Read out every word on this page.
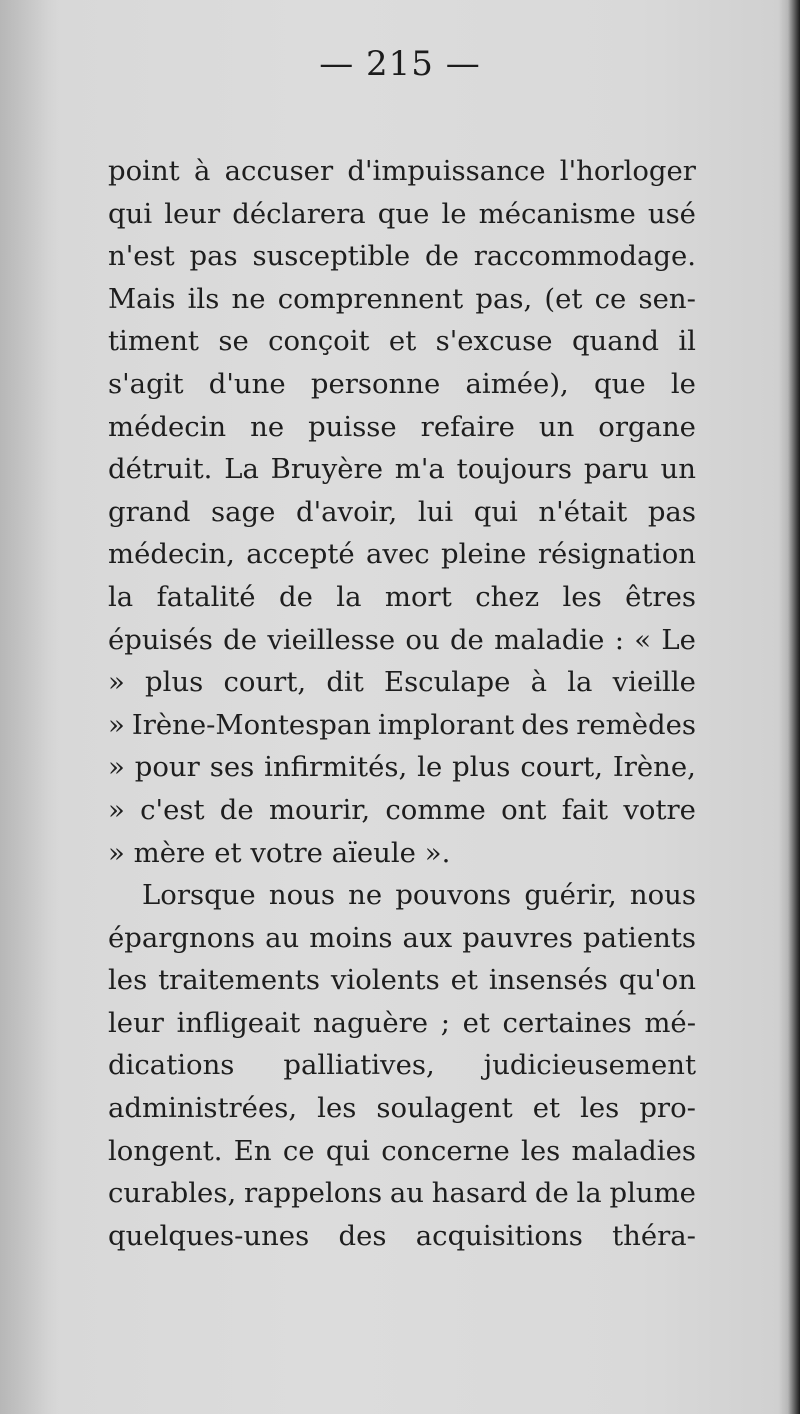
— 215 —
point à accuser d'impuissance l'horloger
qui leur déclarera que le mécanisme usé
n'est pas susceptible de raccommodage.
Mais ils ne comprennent pas, (et ce sen-
timent se conçoit et s'excuse quand il
s'agit d'une personne aimée), que le
médecin ne puisse refaire un organe
détruit. La Bruyère m'a toujours paru un
grand sage d'avoir, lui qui n'était pas
médecin, accepté avec pleine résignation
la fatalité de la mort chez les êtres
épuisés de vieillesse ou de maladie : « Le
» plus court, dit Esculape à la vieille
» Irène-Montespan implorant des remèdes
» pour ses infirmités, le plus court, Irène,
» c'est de mourir, comme ont fait votre
» mère et votre aïeule ».
Lorsque nous ne pouvons guérir, nous
épargnons au moins aux pauvres patients
les traitements violents et insensés qu'on
leur infligeait naguère ; et certaines mé-
dications palliatives, judicieusement
administrées, les soulagent et les pro-
longent. En ce qui concerne les maladies
curables, rappelons au hasard de la plume
quelques-unes des acquisitions théra-
